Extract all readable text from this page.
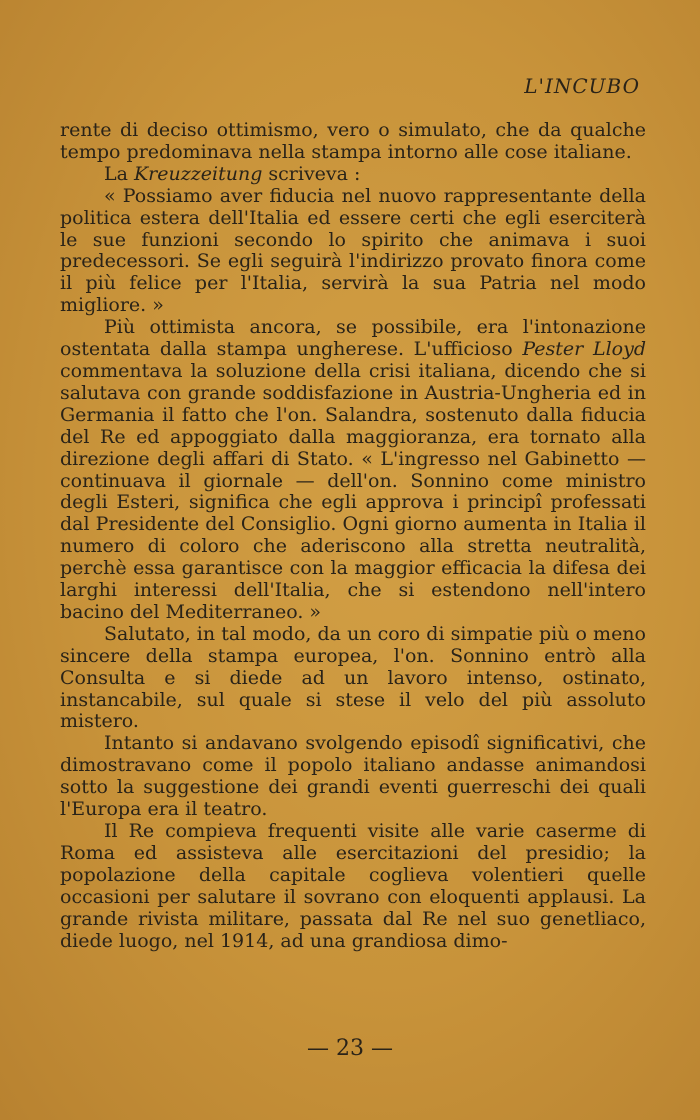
L'INCUBO

rente di deciso ottimismo, vero o simulato, che da qualche tempo predominava nella stampa intorno alle cose italiane.

La Kreuzzeitung scriveva :

« Possiamo aver fiducia nel nuovo rappresentante della politica estera dell'Italia ed essere certi che egli eserciterà le sue funzioni secondo lo spirito che animava i suoi predecessori. Se egli seguirà l'indirizzo provato finora come il più felice per l'Italia, servirà la sua Patria nel modo migliore. »

Più ottimista ancora, se possibile, era l'intonazione ostentata dalla stampa ungherese. L'ufficioso Pester Lloyd commentava la soluzione della crisi italiana, dicendo che si salutava con grande soddisfazione in Austria-Ungheria ed in Germania il fatto che l'on. Salandra, sostenuto dalla fiducia del Re ed appoggiato dalla maggioranza, era tornato alla direzione degli affari di Stato. « L'ingresso nel Gabinetto — continuava il giornale — dell'on. Sonnino come ministro degli Esteri, significa che egli approva i principî professati dal Presidente del Consiglio. Ogni giorno aumenta in Italia il numero di coloro che aderiscono alla stretta neutralità, perchè essa garantisce con la maggior efficacia la difesa dei larghi interessi dell'Italia, che si estendono nell'intero bacino del Mediterraneo. »

Salutato, in tal modo, da un coro di simpatie più o meno sincere della stampa europea, l'on. Sonnino entrò alla Consulta e si diede ad un lavoro intenso, ostinato, instancabile, sul quale si stese il velo del più assoluto mistero.

Intanto si andavano svolgendo episodî significativi, che dimostravano come il popolo italiano andasse animandosi sotto la suggestione dei grandi eventi guerreschi dei quali l'Europa era il teatro.

Il Re compieva frequenti visite alle varie caserme di Roma ed assisteva alle esercitazioni del presidio; la popolazione della capitale coglieva volentieri quelle occasioni per salutare il sovrano con eloquenti applausi. La grande rivista militare, passata dal Re nel suo genetliaco, diede luogo, nel 1914, ad una grandiosa dimo-

— 23 —
